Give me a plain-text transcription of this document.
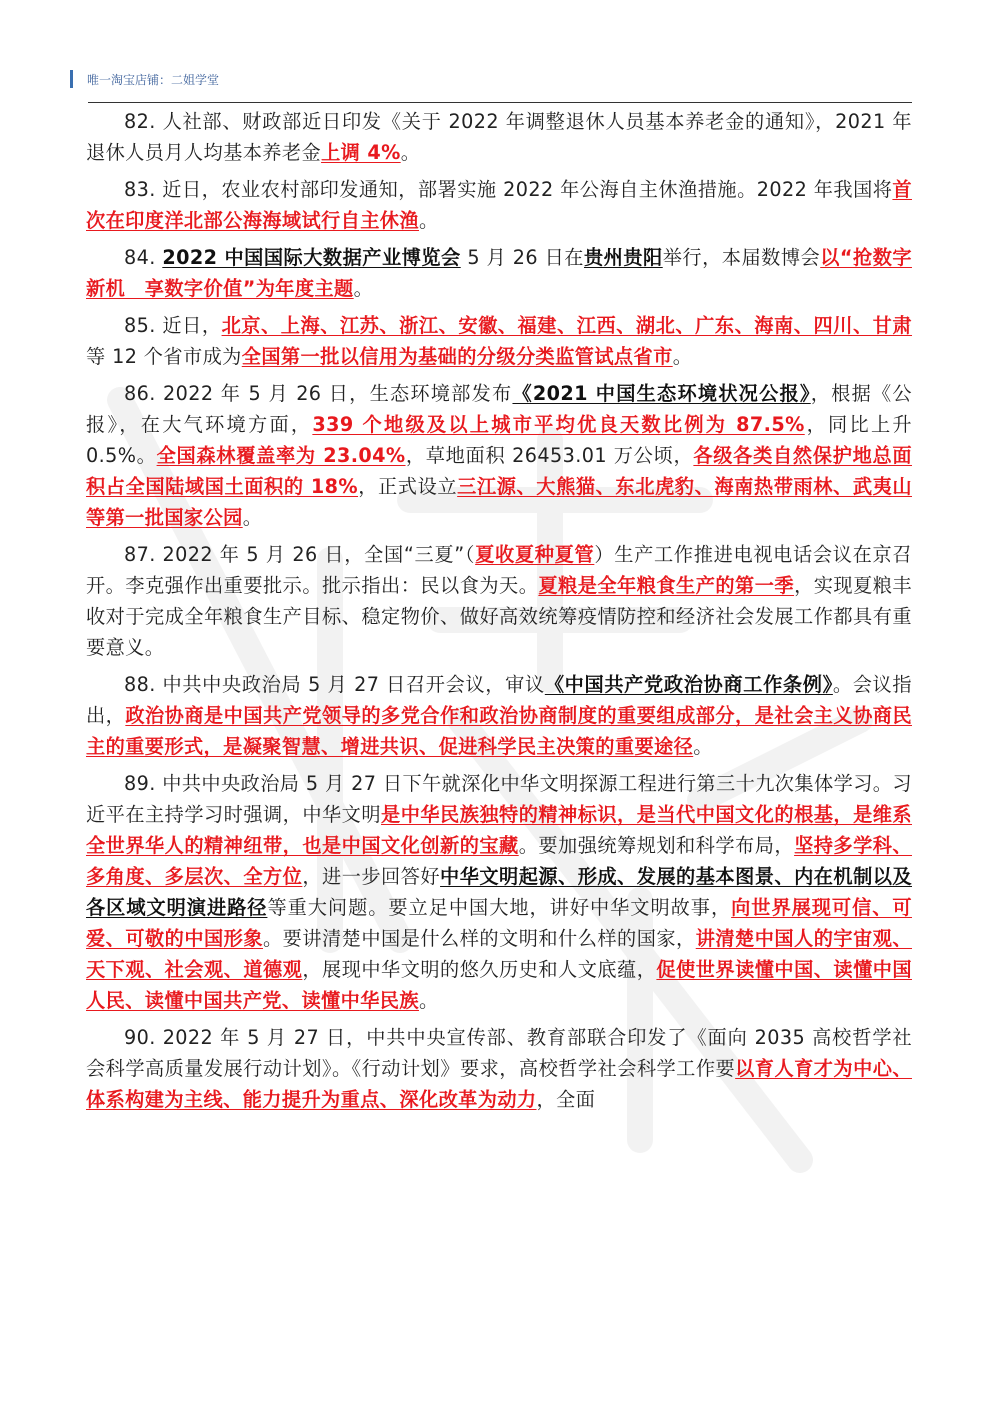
唯一淘宝店铺：二姐学堂

82. 人社部、财政部近日印发《关于 2022 年调整退休人员基本养老金的通知》，2021 年退休人员月人均基本养老金上调 4%。

83. 近日，农业农村部印发通知，部署实施 2022 年公海自主休渔措施。2022 年我国将首次在印度洋北部公海海域试行自主休渔。

84. 2022 中国国际大数据产业博览会 5 月 26 日在贵州贵阳举行，本届数博会以“抢数字新机　享数字价值”为年度主题。

85. 近日，北京、上海、江苏、浙江、安徽、福建、江西、湖北、广东、海南、四川、甘肃等 12 个省市成为全国第一批以信用为基础的分级分类监管试点省市。

86. 2022 年 5 月 26 日，生态环境部发布《2021 中国生态环境状况公报》，根据《公报》，在大气环境方面，339 个地级及以上城市平均优良天数比例为 87.5%，同比上升 0.5%。全国森林覆盖率为 23.04%，草地面积 26453.01 万公顷，各级各类自然保护地总面积占全国陆域国土面积的 18%，正式设立三江源、大熊猫、东北虎豹、海南热带雨林、武夷山等第一批国家公园。

87. 2022 年 5 月 26 日，全国“三夏”（夏收夏种夏管）生产工作推进电视电话会议在京召开。李克强作出重要批示。批示指出：民以食为天。夏粮是全年粮食生产的第一季，实现夏粮丰收对于完成全年粮食生产目标、稳定物价、做好高效统筹疫情防控和经济社会发展工作都具有重要意义。

88. 中共中央政治局 5 月 27 日召开会议，审议《中国共产党政治协商工作条例》。会议指出，政治协商是中国共产党领导的多党合作和政治协商制度的重要组成部分，是社会主义协商民主的重要形式，是凝聚智慧、增进共识、促进科学民主决策的重要途径。

89. 中共中央政治局 5 月 27 日下午就深化中华文明探源工程进行第三十九次集体学习。习近平在主持学习时强调，中华文明是中华民族独特的精神标识，是当代中国文化的根基，是维系全世界华人的精神纽带，也是中国文化创新的宝藏。要加强统筹规划和科学布局，坚持多学科、多角度、多层次、全方位，进一步回答好中华文明起源、形成、发展的基本图景、内在机制以及各区域文明演进路径等重大问题。要立足中国大地，讲好中华文明故事，向世界展现可信、可爱、可敬的中国形象。要讲清楚中国是什么样的文明和什么样的国家，讲清楚中国人的宇宙观、天下观、社会观、道德观，展现中华文明的悠久历史和人文底蕴，促使世界读懂中国、读懂中国人民、读懂中国共产党、读懂中华民族。

90. 2022 年 5 月 27 日，中共中央宣传部、教育部联合印发了《面向 2035 高校哲学社会科学高质量发展行动计划》。《行动计划》要求，高校哲学社会科学工作要以育人育才为中心、体系构建为主线、能力提升为重点、深化改革为动力，全面
